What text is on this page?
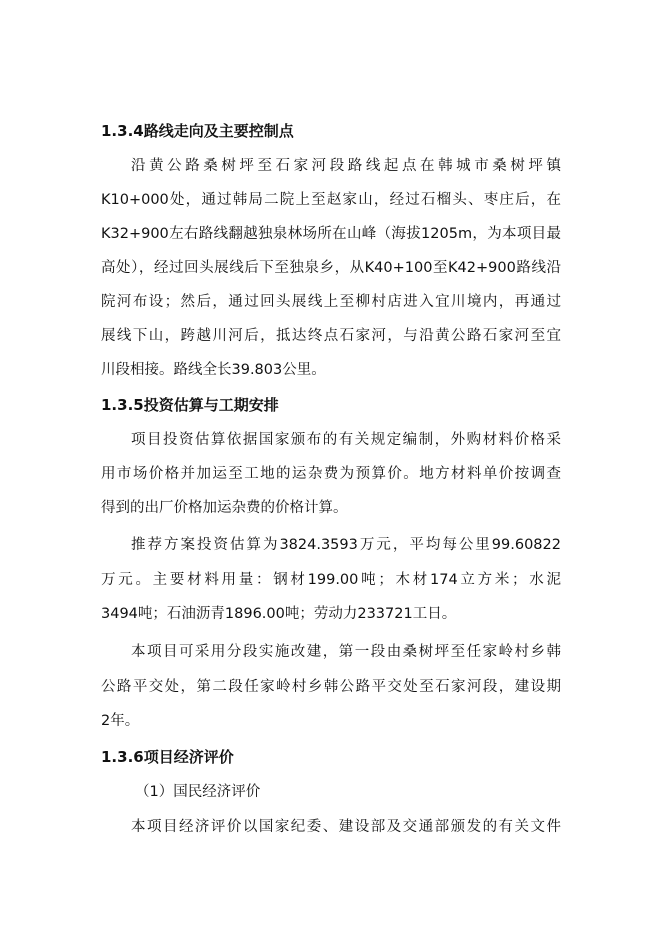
1.3.4路线走向及主要控制点
沿黄公路桑树坪至石家河段路线起点在韩城市桑树坪镇
K10+000处，通过韩局二院上至赵家山，经过石榴头、枣庄后，在
K32+900左右路线翻越独泉林场所在山峰（海拔1205m，为本项目最
高处），经过回头展线后下至独泉乡，从K40+100至K42+900路线沿
院河布设；然后，通过回头展线上至柳村店进入宜川境内，再通过
展线下山，跨越川河后，抵达终点石家河，与沿黄公路石家河至宜
川段相接。路线全长39.803公里。
1.3.5投资估算与工期安排
项目投资估算依据国家颁布的有关规定编制，外购材料价格采
用市场价格并加运至工地的运杂费为预算价。地方材料单价按调查
得到的出厂价格加运杂费的价格计算。
推荐方案投资估算为3824.3593万元，平均每公里99.60822
万元。主要材料用量：钢材199.00吨；木材174立方米；水泥
3494吨；石油沥青1896.00吨；劳动力233721工日。
本项目可采用分段实施改建，第一段由桑树坪至任家岭村乡韩
公路平交处，第二段任家岭村乡韩公路平交处至石家河段，建设期
2年。
1.3.6项目经济评价
（1）国民经济评价
本项目经济评价以国家纪委、建设部及交通部颁发的有关文件
